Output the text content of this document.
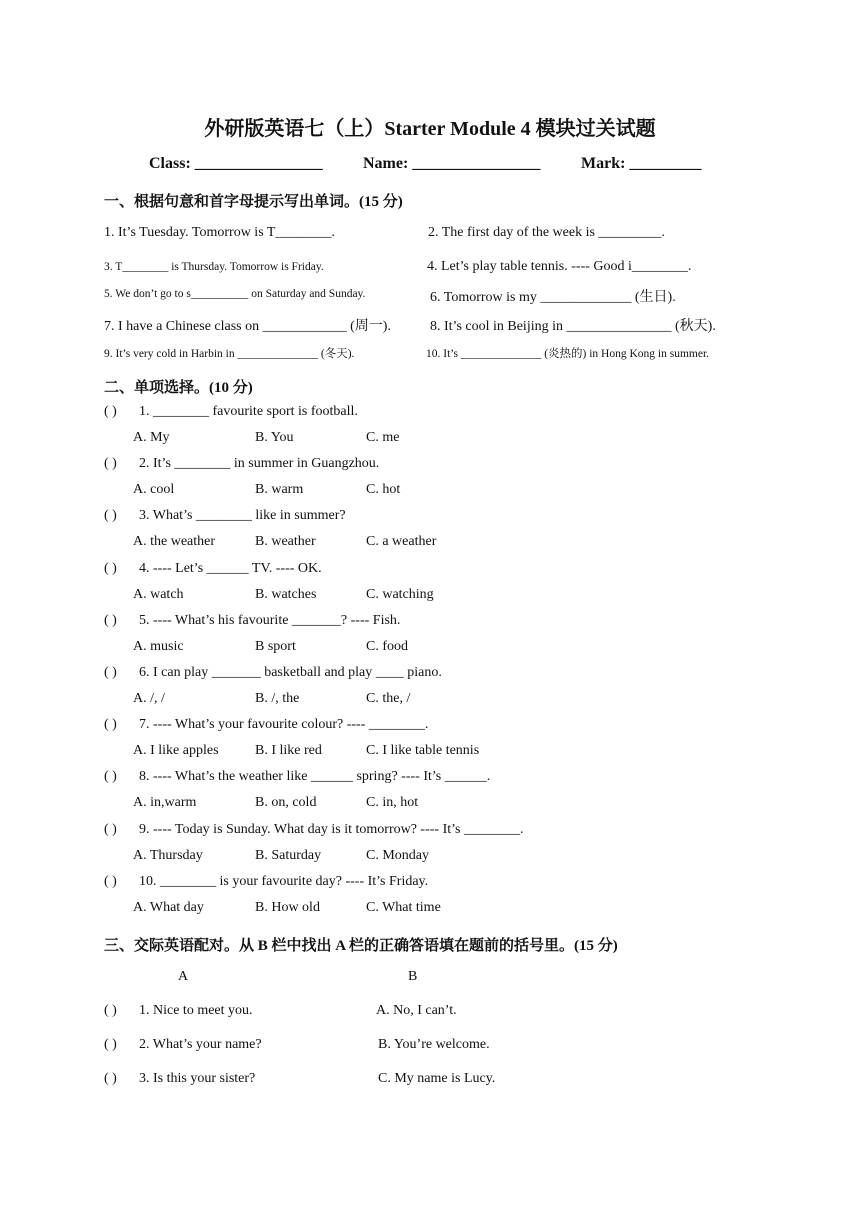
外研版英语七（上）Starter Module 4 模块过关试题
Class: ________________	Name: ________________	Mark: _________
一、根据句意和首字母提示写出单词。(15 分)
1. It’s Tuesday. Tomorrow is T________.	2. The first day of the week is _________.
3. T________ is Thursday. Tomorrow is Friday.	4. Let’s play table tennis. ---- Good i________.
5. We don’t go to s__________ on Saturday and Sunday.	6. Tomorrow is my _____________ (生日).
7. I have a Chinese class on ____________ (周一).	8. It’s cool in Beijing in _______________ (秋天).
9. It’s very cold in Harbin in ______________ (冬天).	10. It’s ______________ (炎热的) in Hong Kong in summer.
二、单项选择。(10 分)
( ) 1. ________ favourite sport is football.
A. My	B. You	C. me
( ) 2. It’s ________ in summer in Guangzhou.
A. cool	B. warm	C. hot
( ) 3. What’s ________ like in summer?
A. the weather	B. weather	C. a weather
( ) 4. ---- Let’s ______ TV. ---- OK.
A. watch	B. watches	C. watching
( ) 5. ---- What’s his favourite _______? ---- Fish.
A. music	B sport	C. food
( ) 6. I can play _______ basketball and play ____ piano.
A. /, /	B. /, the	C. the, /
( ) 7. ---- What’s your favourite colour? ---- ________.
A. I like apples	B. I like red	C. I like table tennis
( ) 8. ---- What’s the weather like ______ spring? ---- It’s ______.
A. in,warm	B. on, cold	C. in, hot
( ) 9. ---- Today is Sunday. What day is it tomorrow? ---- It’s ________.
A. Thursday	B. Saturday	C. Monday
( ) 10. ________ is your favourite day? ---- It’s Friday.
A. What day	B. How old	C. What time
三、交际英语配对。从 B 栏中找出 A 栏的正确答语填在题前的括号里。(15 分)
A	B
( ) 1. Nice to meet you.	A. No, I can’t.
( ) 2. What’s your name?	B. You’re welcome.
( ) 3. Is this your sister?	C. My name is Lucy.
